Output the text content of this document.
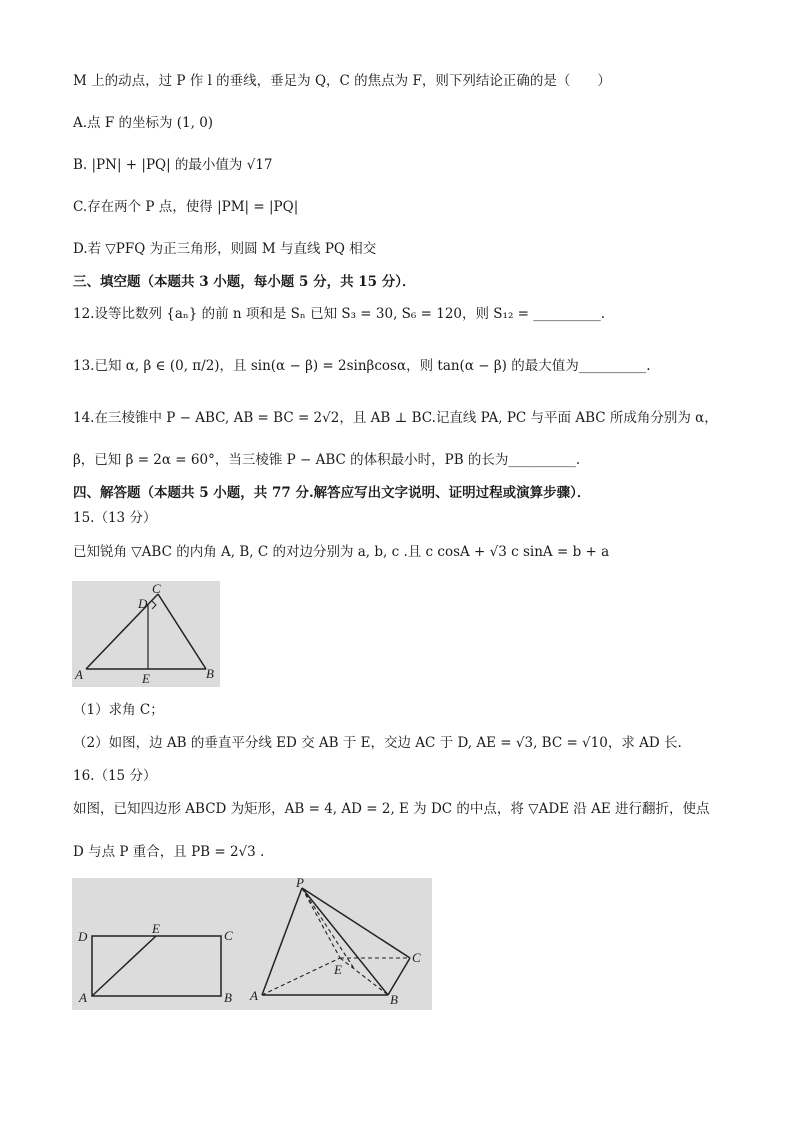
M 上的动点，过 P 作 l 的垂线，垂足为 Q，C 的焦点为 F，则下列结论正确的是（　　）
A.点 F 的坐标为 (1, 0)
B. |PN| + |PQ| 的最小值为 √17
C.存在两个 P 点，使得 |PM| = |PQ|
D.若 ▽PFQ 为正三角形，则圆 M 与直线 PQ 相交
三、填空题（本题共 3 小题，每小题 5 分，共 15 分）．
12.设等比数列 {aₙ} 的前 n 项和是 Sₙ 已知 S₃ = 30, S₆ = 120，则 S₁₂ = __________.
13.已知 α, β ∈ (0, π/2)，且 sin(α − β) = 2sinβcosα，则 tan(α − β) 的最大值为__________.
14.在三棱锥中 P − ABC, AB = BC = 2√2，且 AB ⊥ BC.记直线 PA, PC 与平面 ABC 所成角分别为 α，
β，已知 β = 2α = 60°，当三棱锥 P − ABC 的体积最小时，PB 的长为__________.
四、解答题（本题共 5 小题，共 77 分.解答应写出文字说明、证明过程或演算步骤）．
15.（13 分）
已知锐角 ▽ABC 的内角 A, B, C 的对边分别为 a, b, c .且 c cosA + √3 c sinA = b + a
C
D
A	E	B
（1）求角 C；
（2）如图，边 AB 的垂直平分线 ED 交 AB 于 E，交边 AC 于 D, AE = √3, BC = √10，求 AD 长.
16.（15 分）
如图，已知四边形 ABCD 为矩形，AB = 4, AD = 2, E 为 DC 的中点，将 ▽ADE 沿 AE 进行翻折，使点
D 与点 P 重合，且 PB = 2√3 .
D
E	C
A	B
P
E
C
A	B
